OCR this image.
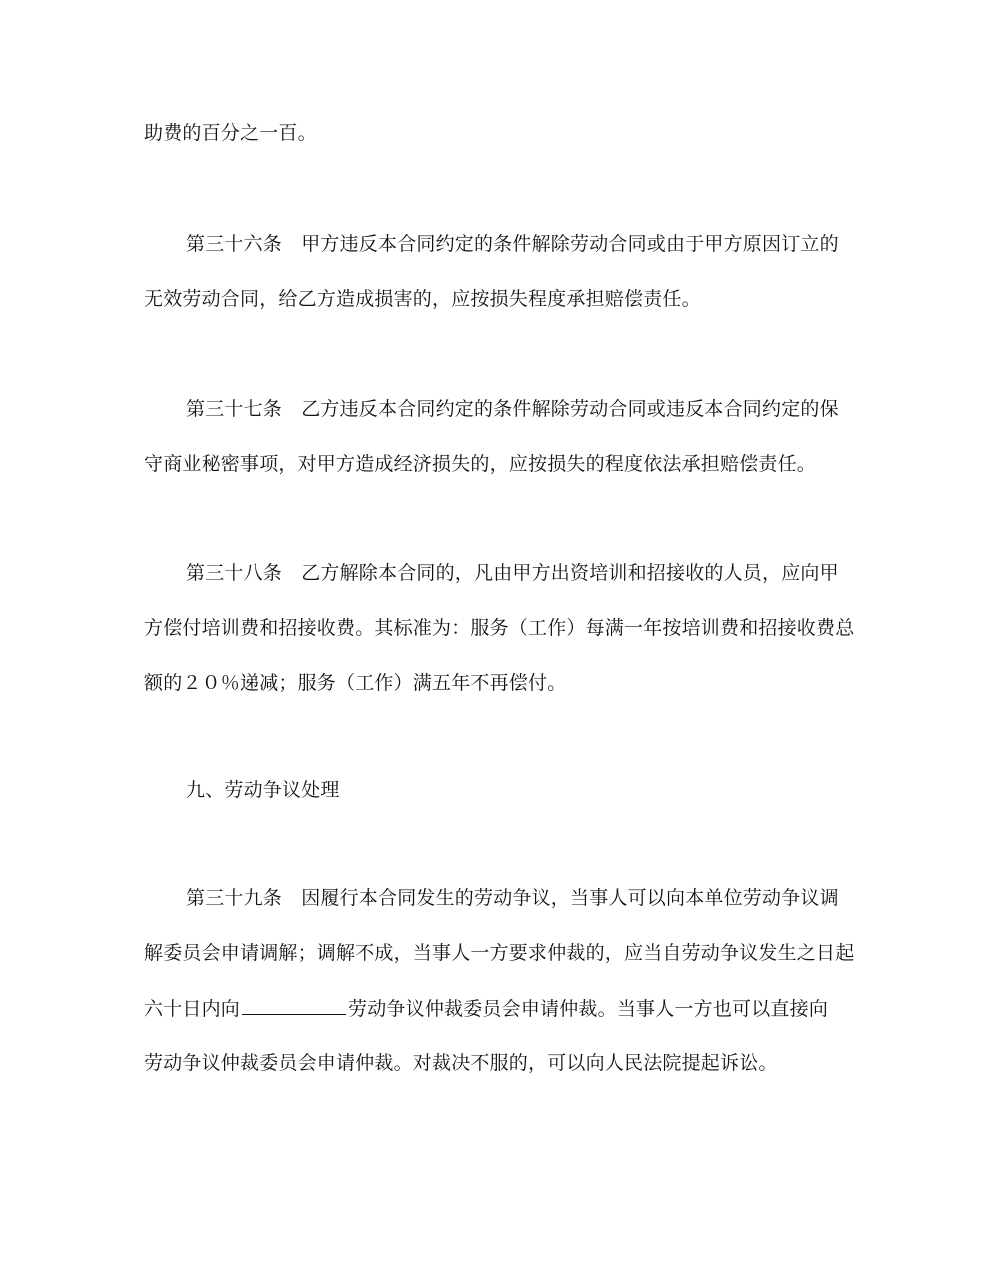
助费的百分之一百。
第三十六条　甲方违反本合同约定的条件解除劳动合同或由于甲方原因订立的
无效劳动合同，给乙方造成损害的，应按损失程度承担赔偿责任。
第三十七条　乙方违反本合同约定的条件解除劳动合同或违反本合同约定的保
守商业秘密事项，对甲方造成经济损失的，应按损失的程度依法承担赔偿责任。
第三十八条　乙方解除本合同的，凡由甲方出资培训和招接收的人员，应向甲
方偿付培训费和招接收费。其标准为：服务（工作）每满一年按培训费和招接收费总
额的２０％递减；服务（工作）满五年不再偿付。
九、劳动争议处理
第三十九条　因履行本合同发生的劳动争议，当事人可以向本单位劳动争议调
解委员会申请调解；调解不成，当事人一方要求仲裁的，应当自劳动争议发生之日起
六十日内向	劳动争议仲裁委员会申请仲裁。当事人一方也可以直接向
劳动争议仲裁委员会申请仲裁。对裁决不服的，可以向人民法院提起诉讼。
